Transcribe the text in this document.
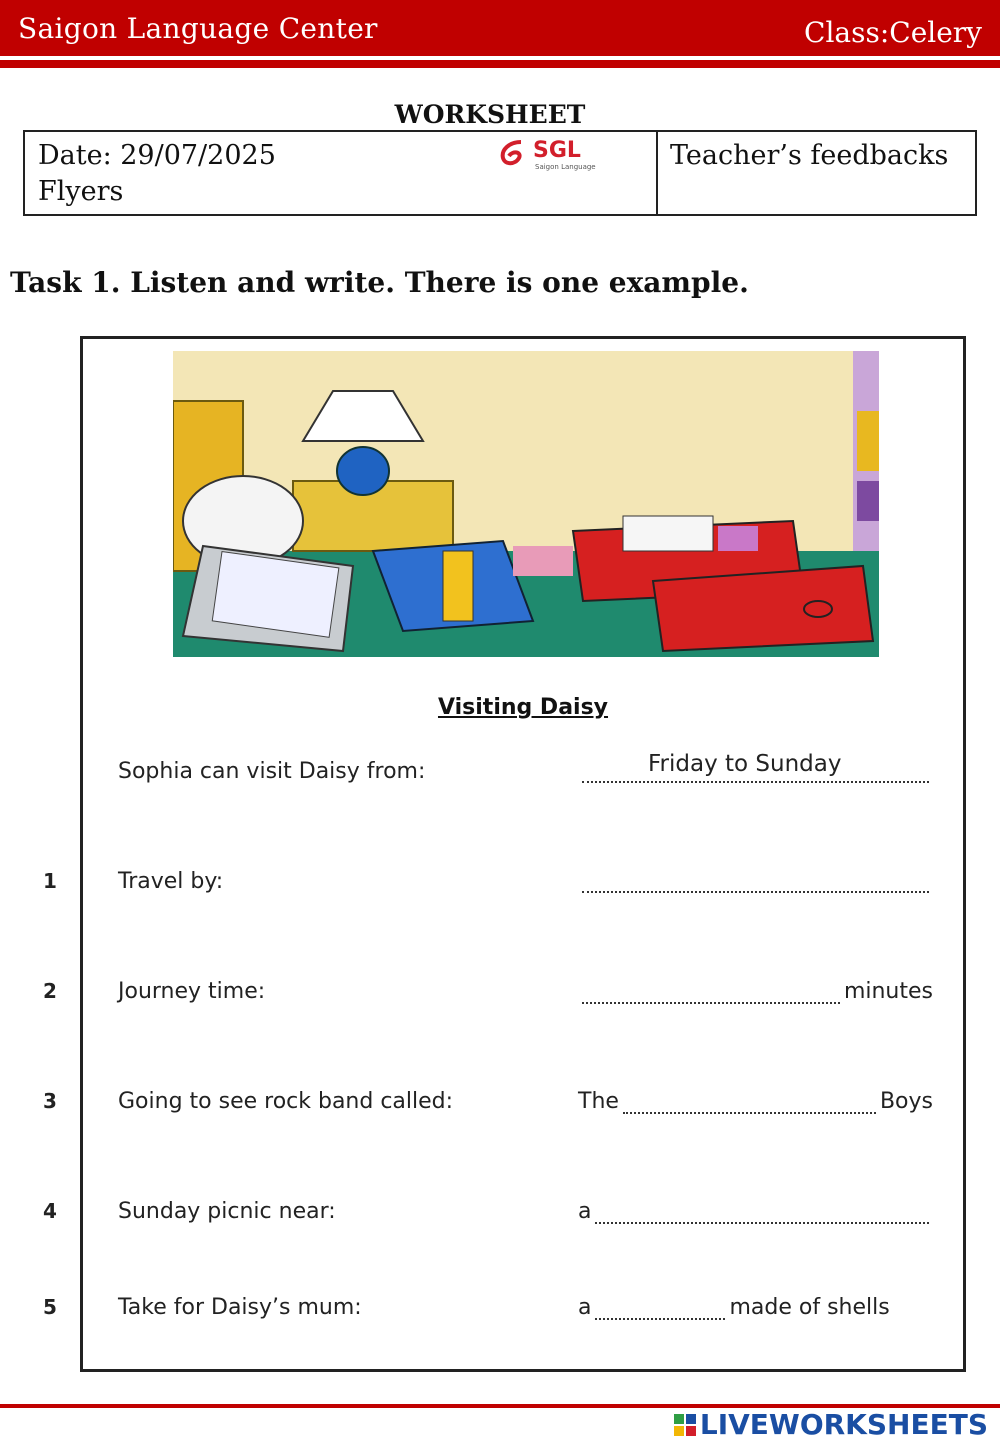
Saigon Language Center	Class:Celery
WORKSHEET
Date: 29/07/2025
Flyers
SGL
Saigon Language	Teacher’s feedbacks
Task 1. Listen and write. There is one example.
Visiting Daisy
Sophia can visit Daisy from:	Friday to Sunday
1	Travel by:
2	Journey time:	minutes
3	Going to see rock band called:	The	Boys
4	Sunday picnic near:	a
5	Take for Daisy’s mum:	a	made of shells
LIVEWORKSHEETS
